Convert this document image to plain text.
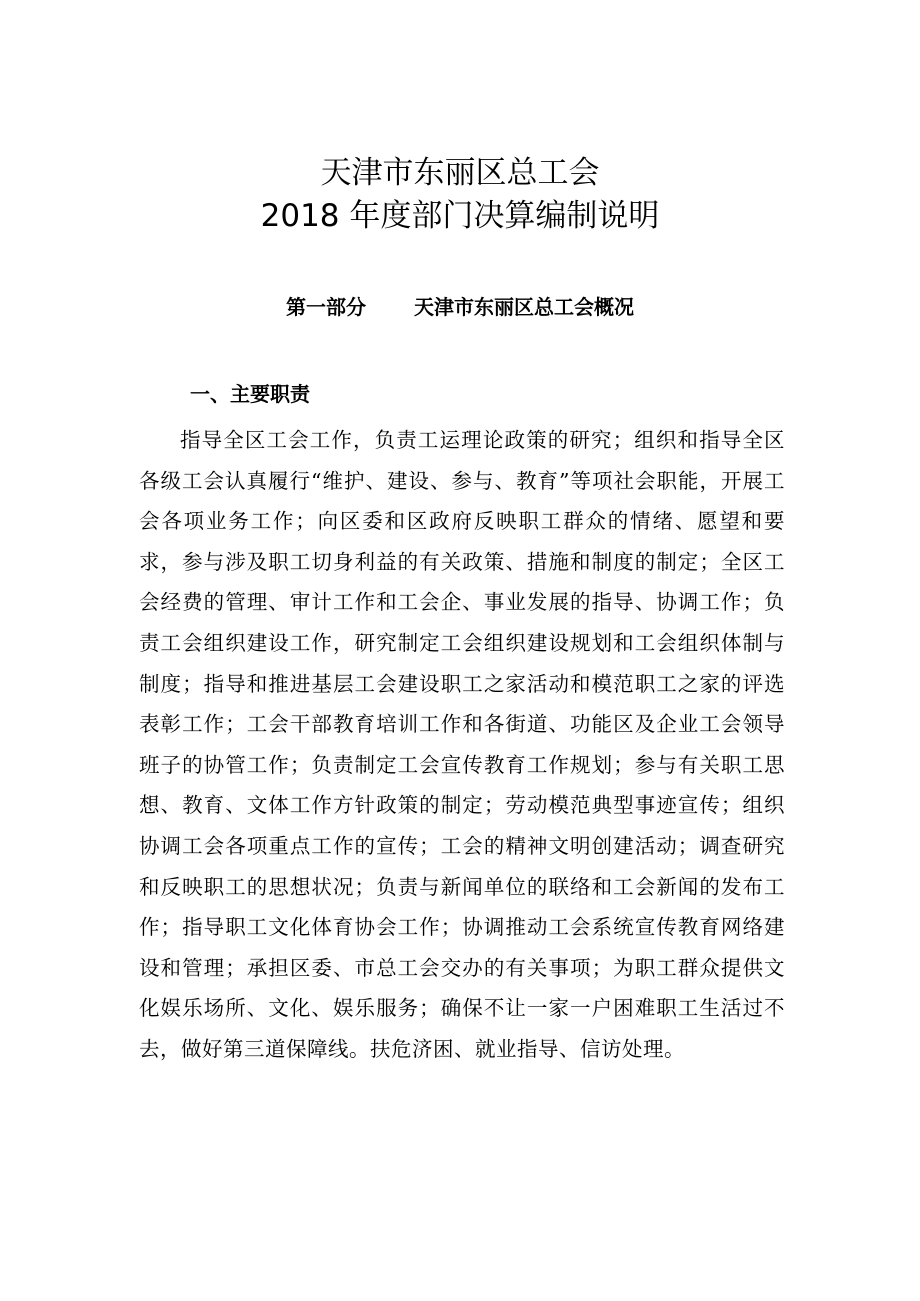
天津市东丽区总工会
2018 年度部门决算编制说明
第一部分 天津市东丽区总工会概况
一、主要职责

指导全区工会工作，负责工运理论政策的研究；组织和指导全区各级工会认真履行“维护、建设、参与、教育”等项社会职能，开展工会各项业务工作；向区委和区政府反映职工群众的情绪、愿望和要求，参与涉及职工切身利益的有关政策、措施和制度的制定；全区工会经费的管理、审计工作和工会企、事业发展的指导、协调工作；负责工会组织建设工作，研究制定工会组织建设规划和工会组织体制与制度；指导和推进基层工会建设职工之家活动和模范职工之家的评选表彰工作；工会干部教育培训工作和各街道、功能区及企业工会领导班子的协管工作；负责制定工会宣传教育工作规划；参与有关职工思想、教育、文体工作方针政策的制定；劳动模范典型事迹宣传；组织协调工会各项重点工作的宣传；工会的精神文明创建活动；调查研究和反映职工的思想状况；负责与新闻单位的联络和工会新闻的发布工作；指导职工文化体育协会工作；协调推动工会系统宣传教育网络建设和管理；承担区委、市总工会交办的有关事项；为职工群众提供文化娱乐场所、文化、娱乐服务；确保不让一家一户困难职工生活过不去，做好第三道保障线。扶危济困、就业指导、信访处理。
